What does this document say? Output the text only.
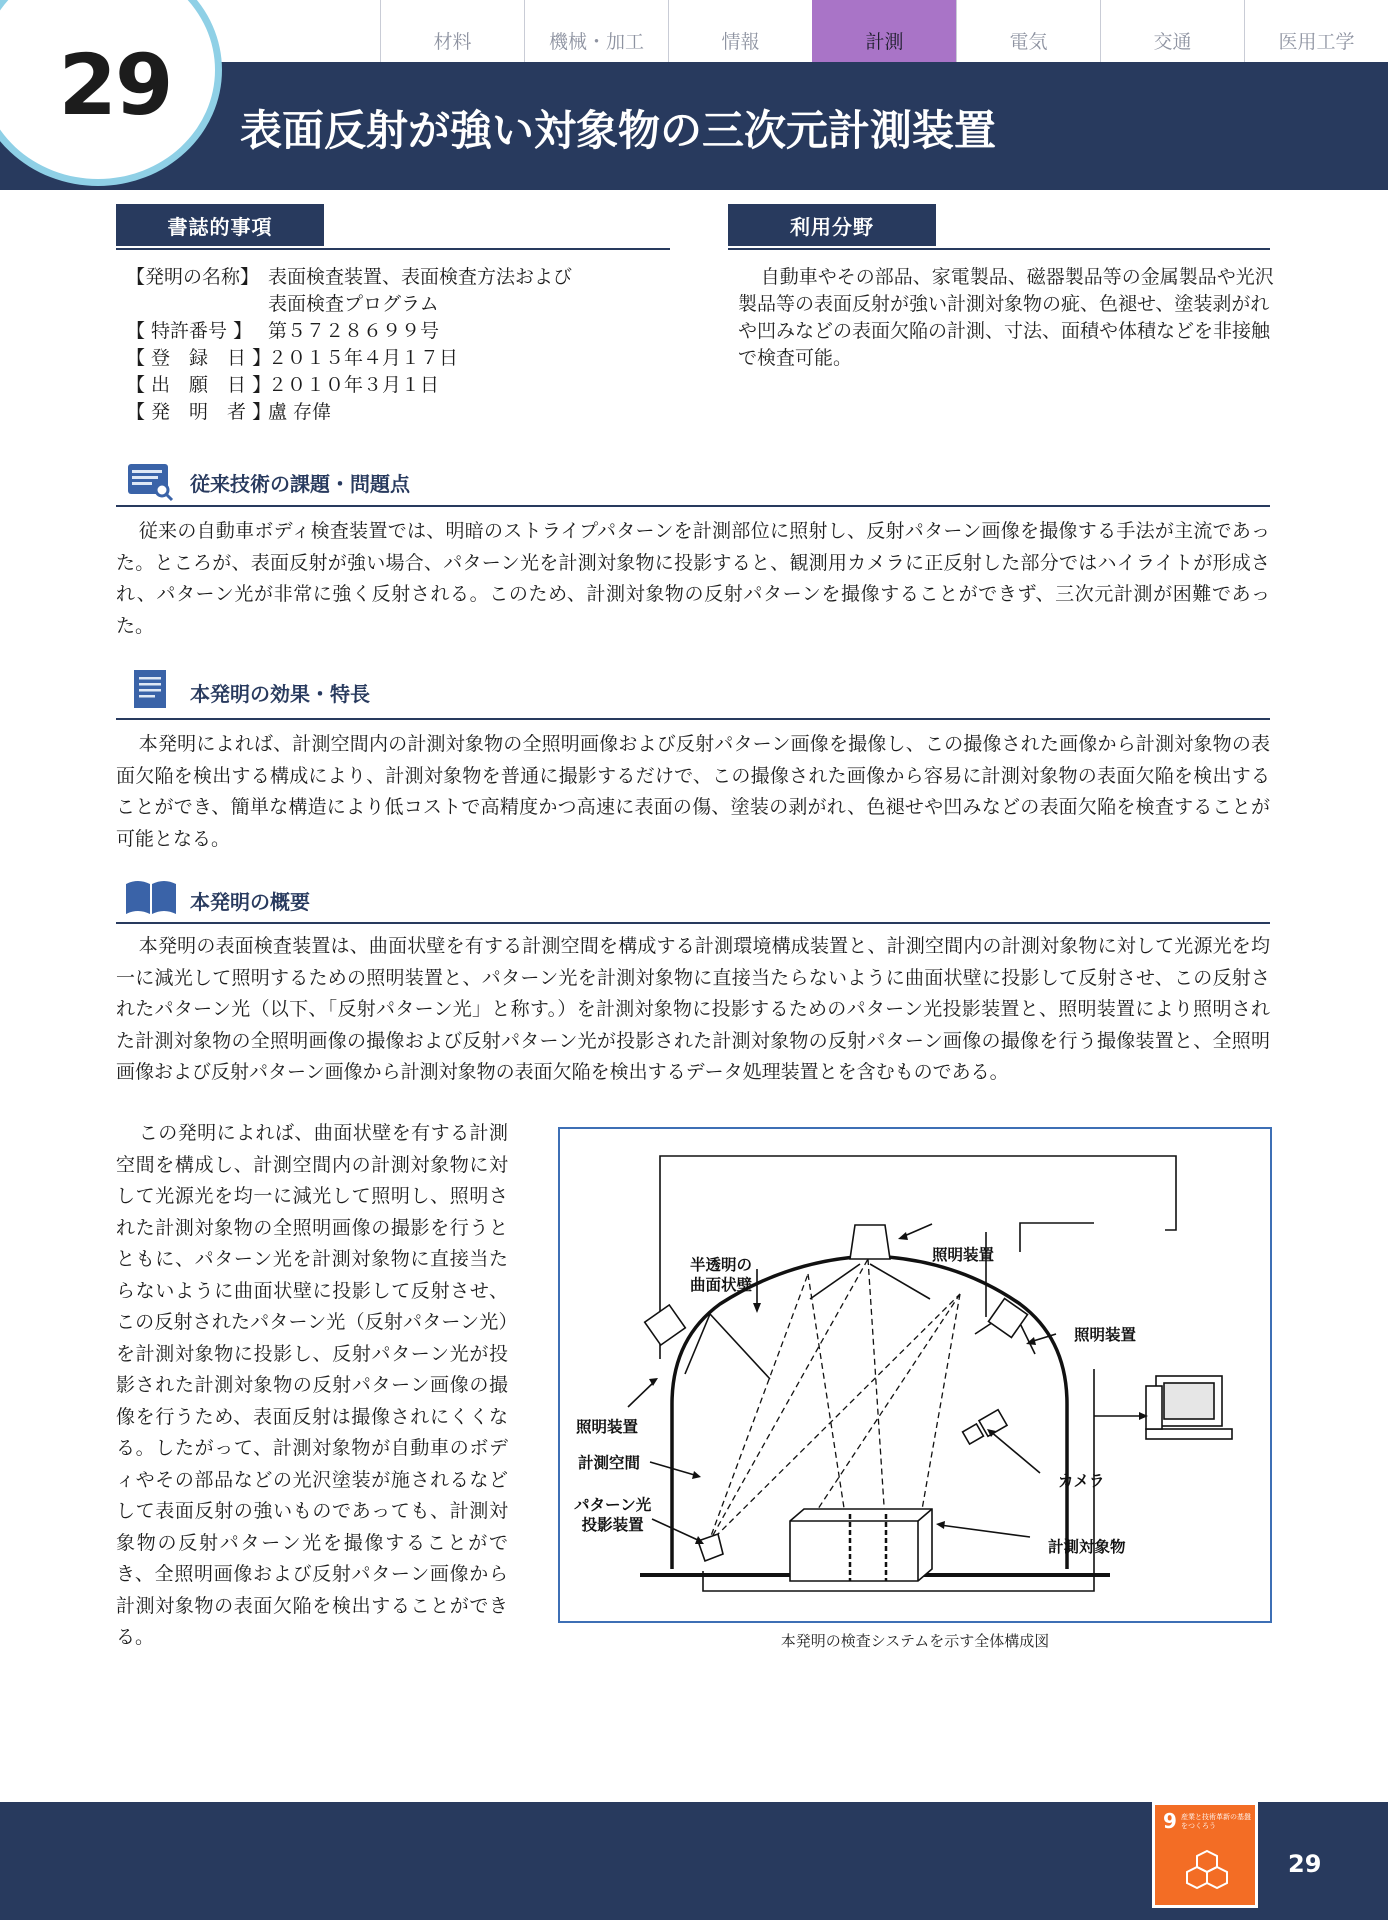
材料	機械・加工	情報	計測	電気	交通	医用工学
29	表面反射が強い対象物の三次元計測装置
書誌的事項
【発明の名称】 表面検査装置、表面検査方法および
表面検査プログラム
【 特許番号 】 第５７２８６９９号
【 登　録　日 】
２０１５年４月１７日
【 出　願　日 】
２０１０年３月１日
【 発　明　者 】
盧 存偉
利用分野
自動車やその部品、家電製品、磁器製品等の金属製品や光沢製品等の表面反射が強い計測対象物の疵、色褪せ、塗装剥がれや凹みなどの表面欠陥の計測、寸法、面積や体積などを非接触で検査可能。
従来技術の課題・問題点
従来の自動車ボディ検査装置では、明暗のストライプパターンを計測部位に照射し、反射パターン画像を撮像する手法が主流であった。ところが、表面反射が強い場合、パターン光を計測対象物に投影すると、観測用カメラに正反射した部分ではハイライトが形成され、パターン光が非常に強く反射される。このため、計測対象物の反射パターンを撮像することができず、三次元計測が困難であった。
本発明の効果・特長
本発明によれば、計測空間内の計測対象物の全照明画像および反射パターン画像を撮像し、この撮像された画像から計測対象物の表面欠陥を検出する構成により、計測対象物を普通に撮影するだけで、この撮像された画像から容易に計測対象物の表面欠陥を検出することができ、簡単な構造により低コストで高精度かつ高速に表面の傷、塗装の剥がれ、色褪せや凹みなどの表面欠陥を検査することが可能となる。
本発明の概要
本発明の表面検査装置は、曲面状壁を有する計測空間を構成する計測環境構成装置と、計測空間内の計測対象物に対して光源光を均一に減光して照明するための照明装置と、パターン光を計測対象物に直接当たらないように曲面状壁に投影して反射させ、この反射されたパターン光（以下、「反射パターン光」と称す。）を計測対象物に投影するためのパターン光投影装置と、照明装置により照明された計測対象物の全照明画像の撮像および反射パターン光が投影された計測対象物の反射パターン画像の撮像を行う撮像装置と、全照明画像および反射パターン画像から計測対象物の表面欠陥を検出するデータ処理装置とを含むものである。
この発明によれば、曲面状壁を有する計測空間を構成し、計測空間内の計測対象物に対して光源光を均一に減光して照明し、照明された計測対象物の全照明画像の撮影を行うとともに、パターン光を計測対象物に直接当たらないように曲面状壁に投影して反射させ、この反射されたパターン光（反射パターン光）を計測対象物に投影し、反射パターン光が投影された計測対象物の反射パターン画像の撮像を行うため、表面反射は撮像されにくくなる。したがって、計測対象物が自動車のボディやその部品などの光沢塗装が施されるなどして表面反射の強いものであっても、計測対象物の反射パターン光を撮像することができ、全照明画像および反射パターン画像から計測対象物の表面欠陥を検出することができる。
半透明の
曲面状壁
照明装置
照明装置
照明装置
計測空間
パターン光
投影装置
カメラ
計測対象物
本発明の検査システムを示す全体構成図
9 産業と技術革新の基盤をつくろう
29
